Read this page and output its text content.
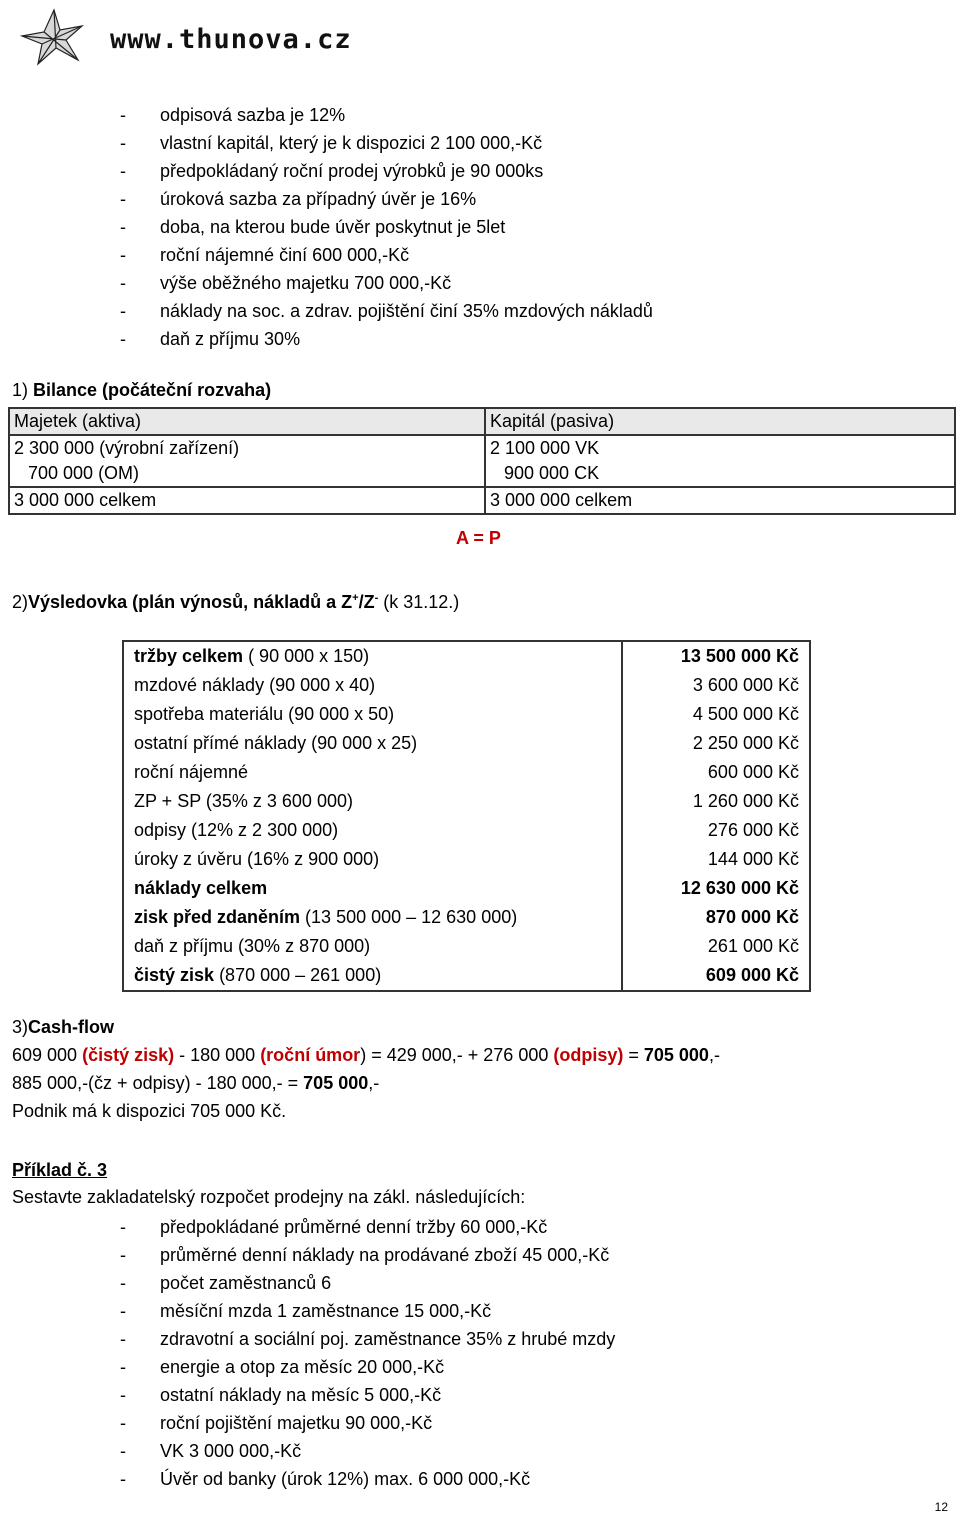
www.thunova.cz
- odpisová sazba je 12%
- vlastní kapitál, který je k dispozici 2 100 000,-Kč
- předpokládaný roční prodej výrobků je 90 000ks
- úroková sazba za případný úvěr je 16%
- doba, na kterou bude úvěr poskytnut je 5let
- roční nájemné činí 600 000,-Kč
- výše oběžného majetku 700 000,-Kč
- náklady na soc. a zdrav. pojištění činí 35% mzdových nákladů
- daň z příjmu 30%
1) Bilance (počáteční rozvaha)
Majetek (aktiva)	Kapitál (pasiva)
2 300 000 (výrobní zařízení)	2 100 000 VK
700 000 (OM)	900 000 CK
3 000 000 celkem	3 000 000 celkem
A = P
2)Výsledovka (plán výnosů, nákladů a Z+/Z- (k 31.12.)
tržby celkem ( 90 000 x 150)	13 500 000 Kč
mzdové náklady (90 000 x 40)	3 600 000 Kč
spotřeba materiálu (90 000 x 50)	4 500 000 Kč
ostatní přímé náklady (90 000 x 25)	2 250 000 Kč
roční nájemné	600 000 Kč
ZP + SP (35% z 3 600 000)	1 260 000 Kč
odpisy (12% z 2 300 000)	276 000 Kč
úroky z úvěru (16% z 900 000)	144 000 Kč
náklady celkem	12 630 000 Kč
zisk před zdaněním (13 500 000 – 12 630 000)	870 000 Kč
daň z příjmu (30% z 870 000)	261 000 Kč
čistý zisk (870 000 – 261 000)	609 000 Kč
3)Cash-flow
609 000 (čistý zisk) - 180 000 (roční úmor) = 429 000,- + 276 000 (odpisy) = 705 000,-
885 000,-(čz + odpisy) - 180 000,- = 705 000,-
Podnik má k dispozici 705 000 Kč.
Příklad č. 3
Sestavte zakladatelský rozpočet prodejny na zákl. následujících:
- předpokládané průměrné denní tržby 60 000,-Kč
- průměrné denní náklady na prodávané zboží 45 000,-Kč
- počet zaměstnanců 6
- měsíční mzda 1 zaměstnance 15 000,-Kč
- zdravotní a sociální poj. zaměstnance 35% z hrubé mzdy
- energie a otop za měsíc 20 000,-Kč
- ostatní náklady na měsíc 5 000,-Kč
- roční pojištění majetku 90 000,-Kč
- VK 3 000 000,-Kč
- Úvěr od banky (úrok 12%) max. 6 000 000,-Kč
12
